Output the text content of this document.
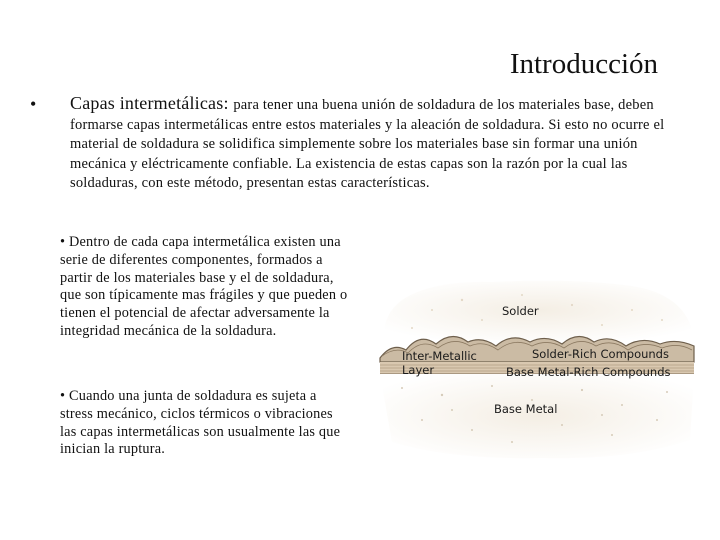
Introducción
• Capas intermetálicas: para tener una buena unión de soldadura de los materiales base, deben formarse capas intermetálicas entre estos materiales y la aleación de soldadura. Si esto no ocurre el material de soldadura se solidifica simplemente sobre los materiales base sin formar una unión mecánica y eléctricamente confiable. La existencia de estas capas son la razón por la cual las soldaduras, con este método, presentan estas características.
• Dentro de cada capa intermetálica existen una serie de diferentes componentes, formados a partir de los materiales base y el de soldadura, que son típicamente mas frágiles y que pueden o tienen el potencial de afectar adversamente la integridad mecánica de la soldadura.
• Cuando una junta de soldadura es sujeta a stress mecánico, ciclos térmicos o vibraciones las capas intermetálicas son usualmente las que inician la ruptura.
Solder
Inter-Metallic
Layer
Solder-Rich Compounds
Base Metal-Rich Compounds
Base Metal
